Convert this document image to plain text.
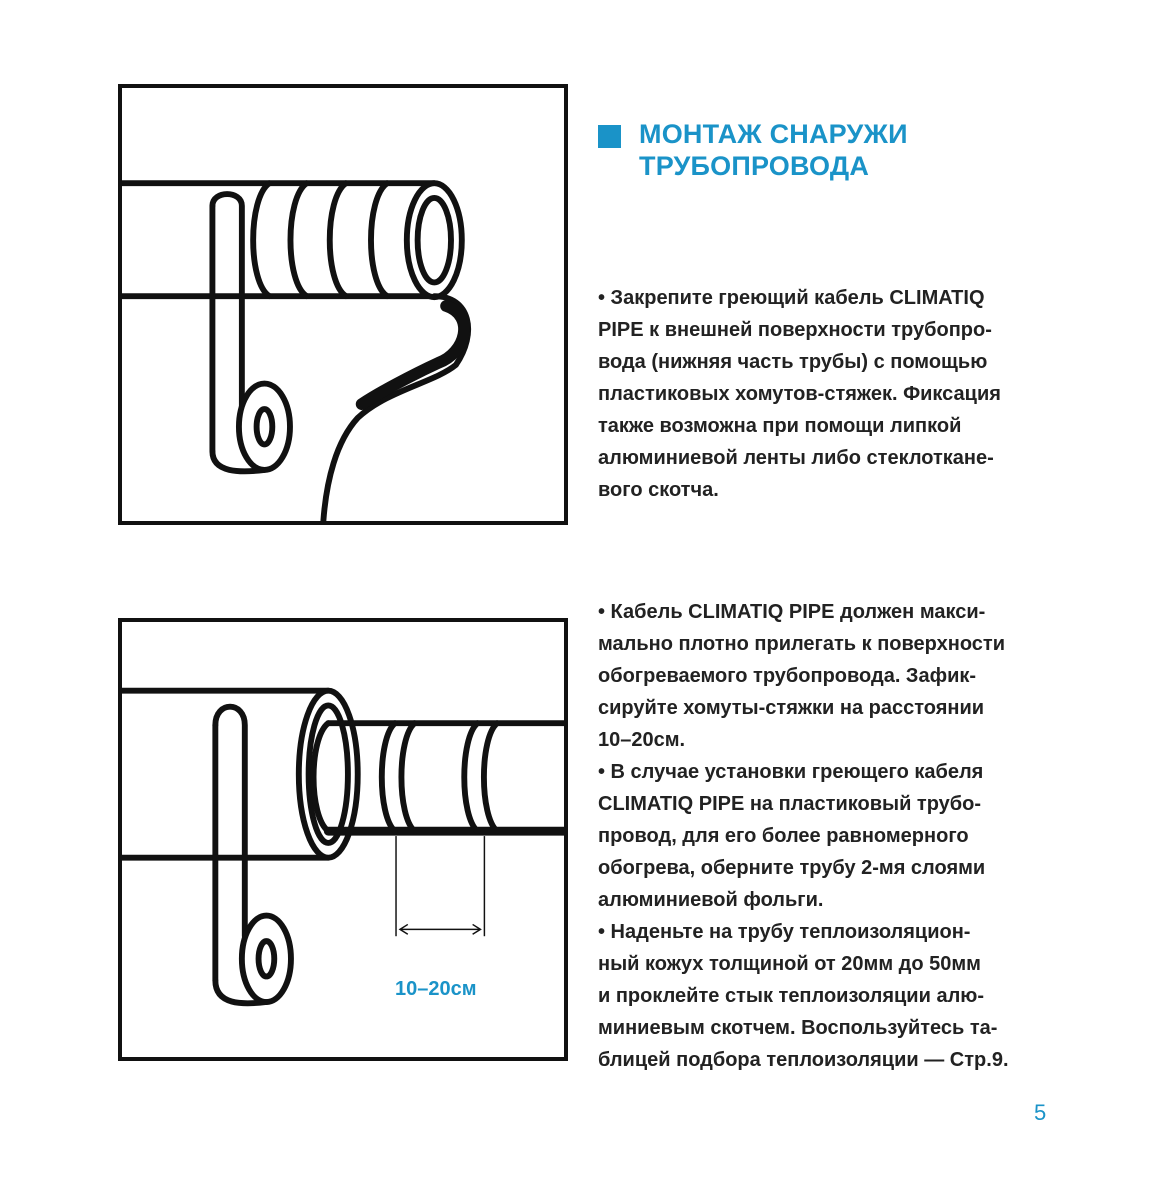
МОНТАЖ СНАРУЖИ
ТРУБОПРОВОДА

• Закрепите греющий кабель CLIMATIQ
PIPE к внешней поверхности трубопро-
вода (нижняя часть трубы) с помощью
пластиковых хомутов-стяжек. Фиксация
также возможна при помощи липкой
алюминиевой ленты либо стеклоткане-
вого скотча.

10–20см

• Кабель CLIMATIQ PIPE должен макси-
мально плотно прилегать к поверхности
обогреваемого трубопровода. Зафик-
сируйте хомуты-стяжки на расстоянии
10–20см.
• В случае установки греющего кабеля
CLIMATIQ PIPE на пластиковый трубо-
провод, для его более равномерного
обогрева, оберните трубу 2-мя слоями
алюминиевой фольги.
• Наденьте на трубу теплоизоляцион-
ный кожух толщиной от 20мм до 50мм
и проклейте стык теплоизоляции алю-
миниевым скотчем. Воспользуйтесь та-
блицей подбора теплоизоляции — Стр.9.

5
